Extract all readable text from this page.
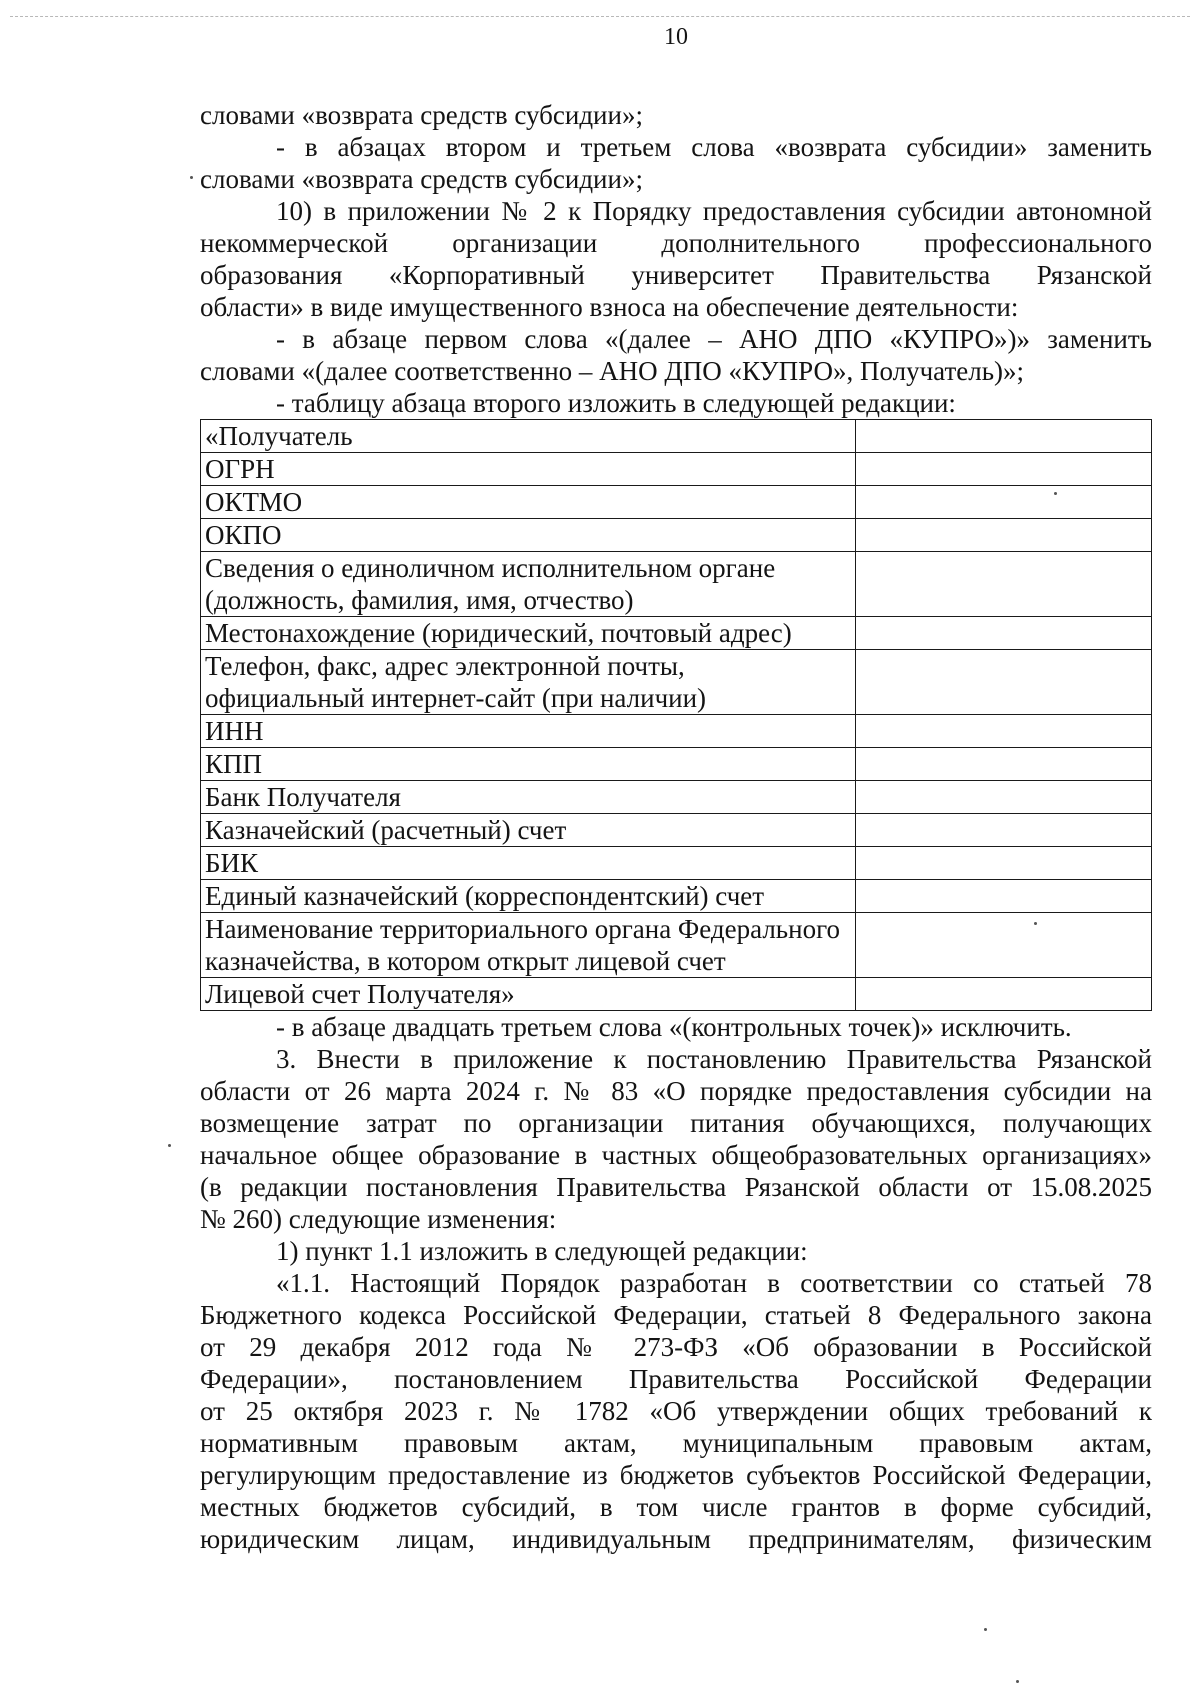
10

словами «возврата средств субсидии»;

- в абзацах втором и третьем слова «возврата субсидии» заменить

словами «возврата средств субсидии»;

10) в приложении № 2 к Порядку предоставления субсидии автономной

некоммерческой организации дополнительного профессионального

образования «Корпоративный университет Правительства Рязанской

области» в виде имущественного взноса на обеспечение деятельности:

- в абзаце первом слова «(далее – АНО ДПО «КУПРО»)» заменить

словами «(далее соответственно – АНО ДПО «КУПРО», Получатель)»;

- таблицу абзаца второго изложить в следующей редакции:

«Получатель	
ОГРН	
ОКТМО	
ОКПО	
Сведения о единоличном исполнительном органе (должность, фамилия, имя, отчество)	
Местонахождение (юридический, почтовый адрес)	
Телефон, факс, адрес электронной почты, официальный интернет-сайт (при наличии)	
ИНН	
КПП	
Банк Получателя	
Казначейский (расчетный) счет	
БИК	
Единый казначейский (корреспондентский) счет	
Наименование территориального органа Федерального казначейства, в котором открыт лицевой счет	
Лицевой счет Получателя»	

- в абзаце двадцать третьем слова «(контрольных точек)» исключить.

3. Внести в приложение к постановлению Правительства Рязанской

области от 26 марта 2024 г. № 83 «О порядке предоставления субсидии на

возмещение затрат по организации питания обучающихся, получающих

начальное общее образование в частных общеобразовательных организациях»

(в редакции постановления Правительства Рязанской области от 15.08.2025

№ 260) следующие изменения:

1) пункт 1.1 изложить в следующей редакции:

«1.1. Настоящий Порядок разработан в соответствии со статьей 78

Бюджетного кодекса Российской Федерации, статьей 8 Федерального закона

от 29 декабря 2012 года № 273-ФЗ «Об образовании в Российской

Федерации», постановлением Правительства Российской Федерации

от 25 октября 2023 г. № 1782 «Об утверждении общих требований к

нормативным правовым актам, муниципальным правовым актам,

регулирующим предоставление из бюджетов субъектов Российской Федерации,

местных бюджетов субсидий, в том числе грантов в форме субсидий,

юридическим лицам, индивидуальным предпринимателям, физическим
